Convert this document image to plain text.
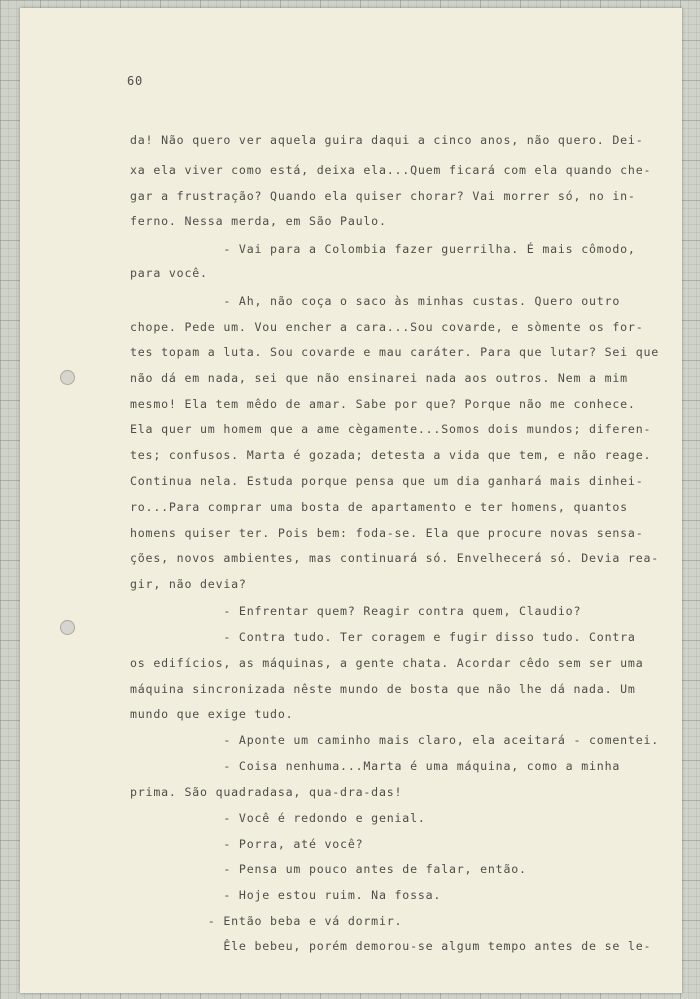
60

da! Não quero ver aquela guira daqui a cinco anos, não quero. Dei-

xa ela viver como está, deixa ela...Quem ficará com ela quando che-

gar a frustração? Quando ela quiser chorar? Vai morrer só, no in-

ferno. Nessa merda, em São Paulo.

- Vai para a Colombia fazer guerrilha. É mais cômodo,

para você.

- Ah, não coça o saco às minhas custas. Quero outro

chope. Pede um. Vou encher a cara...Sou covarde, e sòmente os for-

tes topam a luta. Sou covarde e mau caráter. Para que lutar? Sei que

não dá em nada, sei que não ensinarei nada aos outros. Nem a mim

mesmo! Ela tem mêdo de amar. Sabe por que? Porque não me conhece.

Ela quer um homem que a ame cègamente...Somos dois mundos; diferen-

tes; confusos. Marta é gozada; detesta a vida que tem, e não reage.

Continua nela. Estuda porque pensa que um dia ganhará mais dinhei-

ro...Para comprar uma bosta de apartamento e ter homens, quantos

homens quiser ter. Pois bem: foda-se. Ela que procure novas sensa-

ções, novos ambientes, mas continuará só. Envelhecerá só. Devia rea-

gir, não devia?

- Enfrentar quem? Reagir contra quem, Claudio?

- Contra tudo. Ter coragem e fugir disso tudo. Contra

os edifícios, as máquinas, a gente chata. Acordar cêdo sem ser uma

máquina sincronizada nêste mundo de bosta que não lhe dá nada. Um

mundo que exige tudo.

- Aponte um caminho mais claro, ela aceitará - comentei.

- Coisa nenhuma...Marta é uma máquina, como a minha

prima. São quadradasa, qua-dra-das!

- Você é redondo e genial.

- Porra, até você?

- Pensa um pouco antes de falar, então.

- Hoje estou ruim. Na fossa.

- Então beba e vá dormir.

Êle bebeu, porém demorou-se algum tempo antes de se le-
